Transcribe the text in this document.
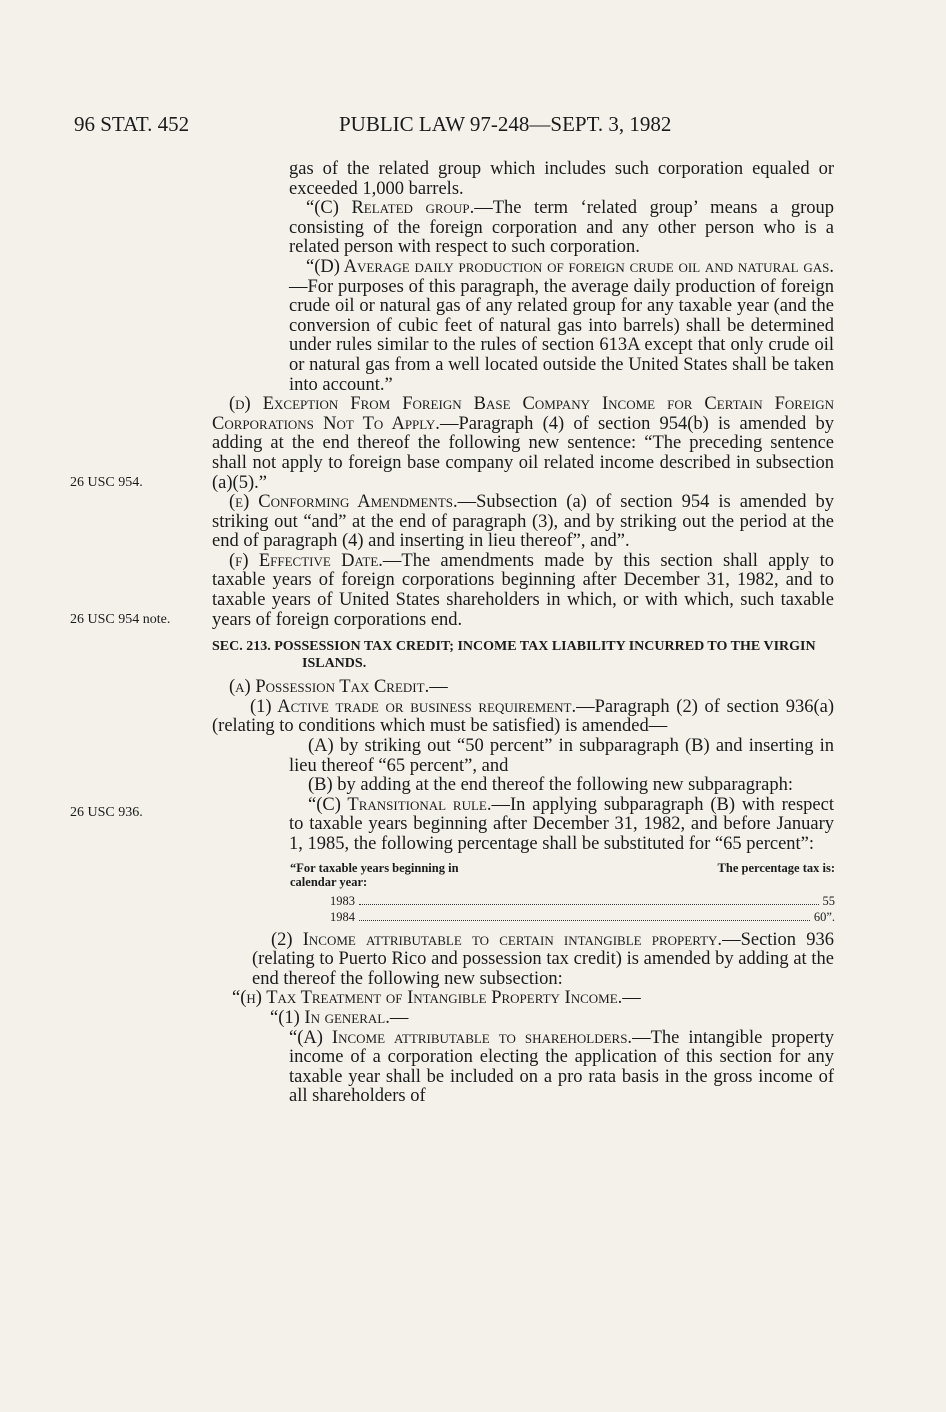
96 STAT. 452	PUBLIC LAW 97-248—SEPT. 3, 1982
26 USC 954.
26 USC 954 note.
26 USC 936.

gas of the related group which includes such corporation equaled or exceeded 1,000 barrels.

“(C) Related group.—The term ‘related group’ means a group consisting of the foreign corporation and any other person who is a related person with respect to such corporation.

“(D) Average daily production of foreign crude oil and natural gas.—For purposes of this paragraph, the average daily production of foreign crude oil or natural gas of any related group for any taxable year (and the conversion of cubic feet of natural gas into barrels) shall be determined under rules similar to the rules of section 613A except that only crude oil or natural gas from a well located outside the United States shall be taken into account.”

(d) Exception From Foreign Base Company Income for Certain Foreign Corporations Not To Apply.—Paragraph (4) of section 954(b) is amended by adding at the end thereof the following new sentence: “The preceding sentence shall not apply to foreign base company oil related income described in subsection (a)(5).”

(e) Conforming Amendments.—Subsection (a) of section 954 is amended by striking out “and” at the end of paragraph (3), and by striking out the period at the end of paragraph (4) and inserting in lieu thereof”, and”.

(f) Effective Date.—The amendments made by this section shall apply to taxable years of foreign corporations beginning after December 31, 1982, and to taxable years of United States shareholders in which, or with which, such taxable years of foreign corporations end.

SEC. 213. POSSESSION TAX CREDIT; INCOME TAX LIABILITY INCURRED TO THE VIRGIN ISLANDS.

(a) Possession Tax Credit.—

(1) Active trade or business requirement.—Paragraph (2) of section 936(a) (relating to conditions which must be satisfied) is amended—

(A) by striking out “50 percent” in subparagraph (B) and inserting in lieu thereof “65 percent”, and

(B) by adding at the end thereof the following new subparagraph:

“(C) Transitional rule.—In applying subparagraph (B) with respect to taxable years beginning after December 31, 1982, and before January 1, 1985, the following percentage shall be substituted for “65 percent”:

“For taxable years beginning in calendar year:
The percentage tax is:
1983	55
1984	60”.

(2) Income attributable to certain intangible property.—Section 936 (relating to Puerto Rico and possession tax credit) is amended by adding at the end thereof the following new subsection:

“(h) Tax Treatment of Intangible Property Income.—

“(1) In general.—

“(A) Income attributable to shareholders.—The intangible property income of a corporation electing the application of this section for any taxable year shall be included on a pro rata basis in the gross income of all shareholders of
